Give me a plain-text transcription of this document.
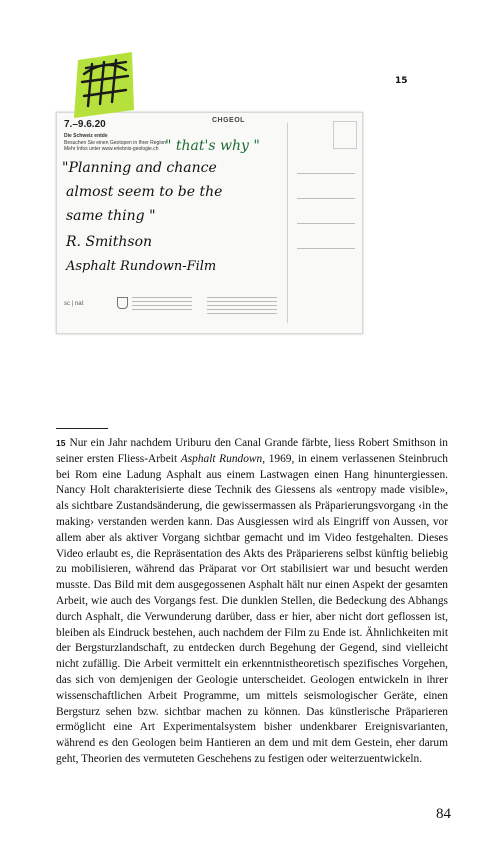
15
7.–9.6.20
Die Schweiz entde
Besuchen Sie einen Geotopen in Ihrer Region
Mehr Infos unter www.erlebnis-geologie.ch
CHGEOL
sc | nat
" that's why "
"Planning and chance
almost seem to be the
same thing "
R. Smithson
Asphalt Rundown-Film
15 Nur ein Jahr nachdem Uriburu den Canal Grande färbte, liess Robert Smithson in seiner ersten Fliess-Arbeit Asphalt Rundown, 1969, in einem verlassenen Steinbruch bei Rom eine Ladung Asphalt aus einem Lastwagen einen Hang hinuntergiessen. Nancy Holt charakterisierte diese Technik des Giessens als «entropy made visible», als sichtbare Zustandsänderung, die gewissermassen als Präparierungsvorgang ‹in the making› verstanden werden kann. Das Ausgiessen wird als Eingriff von Aussen, vor allem aber als aktiver Vorgang sichtbar gemacht und im Video festgehalten. Dieses Video erlaubt es, die Repräsentation des Akts des Präparierens selbst künftig beliebig zu mobilisieren, während das Präparat vor Ort stabilisiert war und besucht werden musste. Das Bild mit dem ausgegossenen Asphalt hält nur einen Aspekt der gesamten Arbeit, wie auch des Vorgangs fest. Die dunklen Stellen, die Bedeckung des Abhangs durch Asphalt, die Verwunderung darüber, dass er hier, aber nicht dort geflossen ist, bleiben als Eindruck bestehen, auch nachdem der Film zu Ende ist. Ähnlichkeiten mit der Bergsturzlandschaft, zu entdecken durch Begehung der Gegend, sind vielleicht nicht zufällig. Die Arbeit vermittelt ein erkenntnistheoretisch spezifisches Vorgehen, das sich von demjenigen der Geologie unterscheidet. Geologen entwickeln in ihrer wissenschaftlichen Arbeit Programme, um mittels seismologischer Geräte, einen Bergsturz sehen bzw. sichtbar machen zu können. Das künstlerische Präparieren ermöglicht eine Art Experimentalsystem bisher undenkbarer Ereignisvarianten, während es den Geologen beim Hantieren an dem und mit dem Gestein, eher darum geht, Theorien des vermuteten Geschehens zu festigen oder weiterzuentwickeln.
84
